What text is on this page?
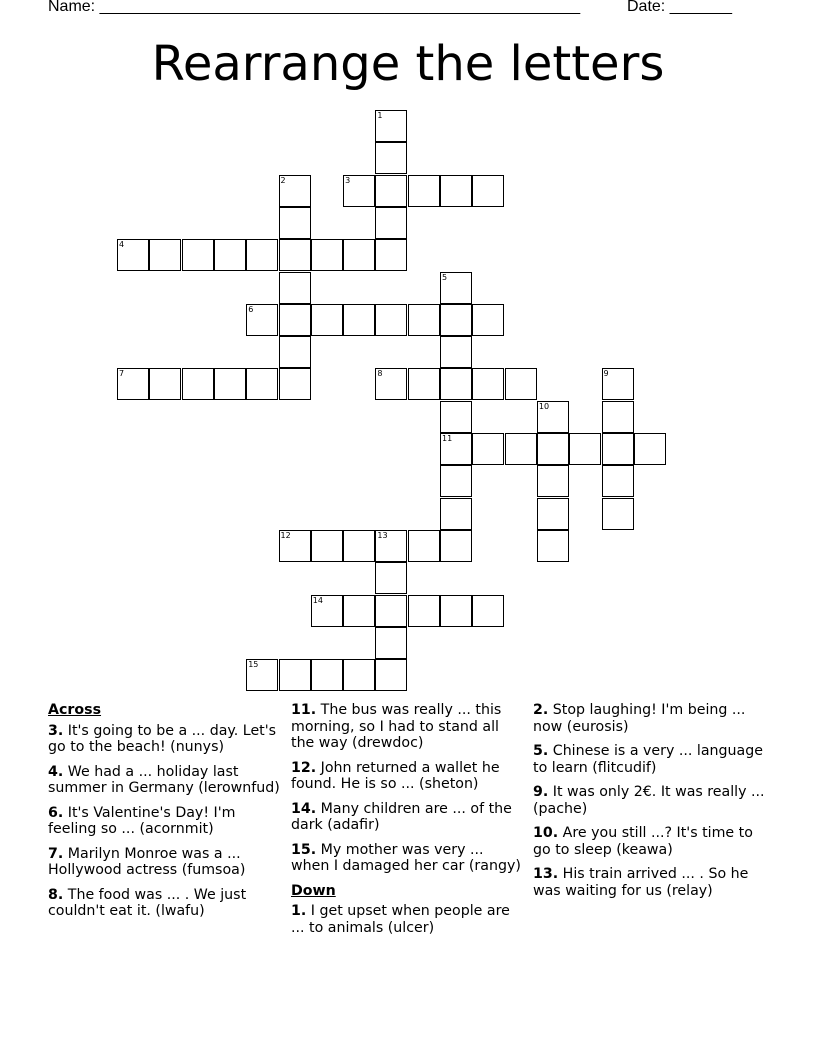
Name: ______________________________________________________	Date: _______
Rearrange the letters
1
2	3
4
5
6
7	8	9
10
11
12	13
14
15
Across
3. It's going to be a ... day. Let's go to the beach! (nunys)
4. We had a ... holiday last summer in Germany (lerownfud)
6. It's Valentine's Day! I'm feeling so ... (acornmit)
7. Marilyn Monroe was a ... Hollywood actress (fumsoa)
8. The food was ... . We just couldn't eat it. (lwafu)
11. The bus was really ... this morning, so I had to stand all the way (drewdoc)
12. John returned a wallet he found. He is so ... (sheton)
14. Many children are ... of the dark (adafir)
15. My mother was very ... when I damaged her car (rangy)
Down
1. I get upset when people are ... to animals (ulcer)
2. Stop laughing! I'm being ... now (eurosis)
5. Chinese is a very ... language to learn (flitcudif)
9. It was only 2€. It was really ... (pache)
10. Are you still ...? It's time to go to sleep (keawa)
13. His train arrived ... . So he was waiting for us (relay)
